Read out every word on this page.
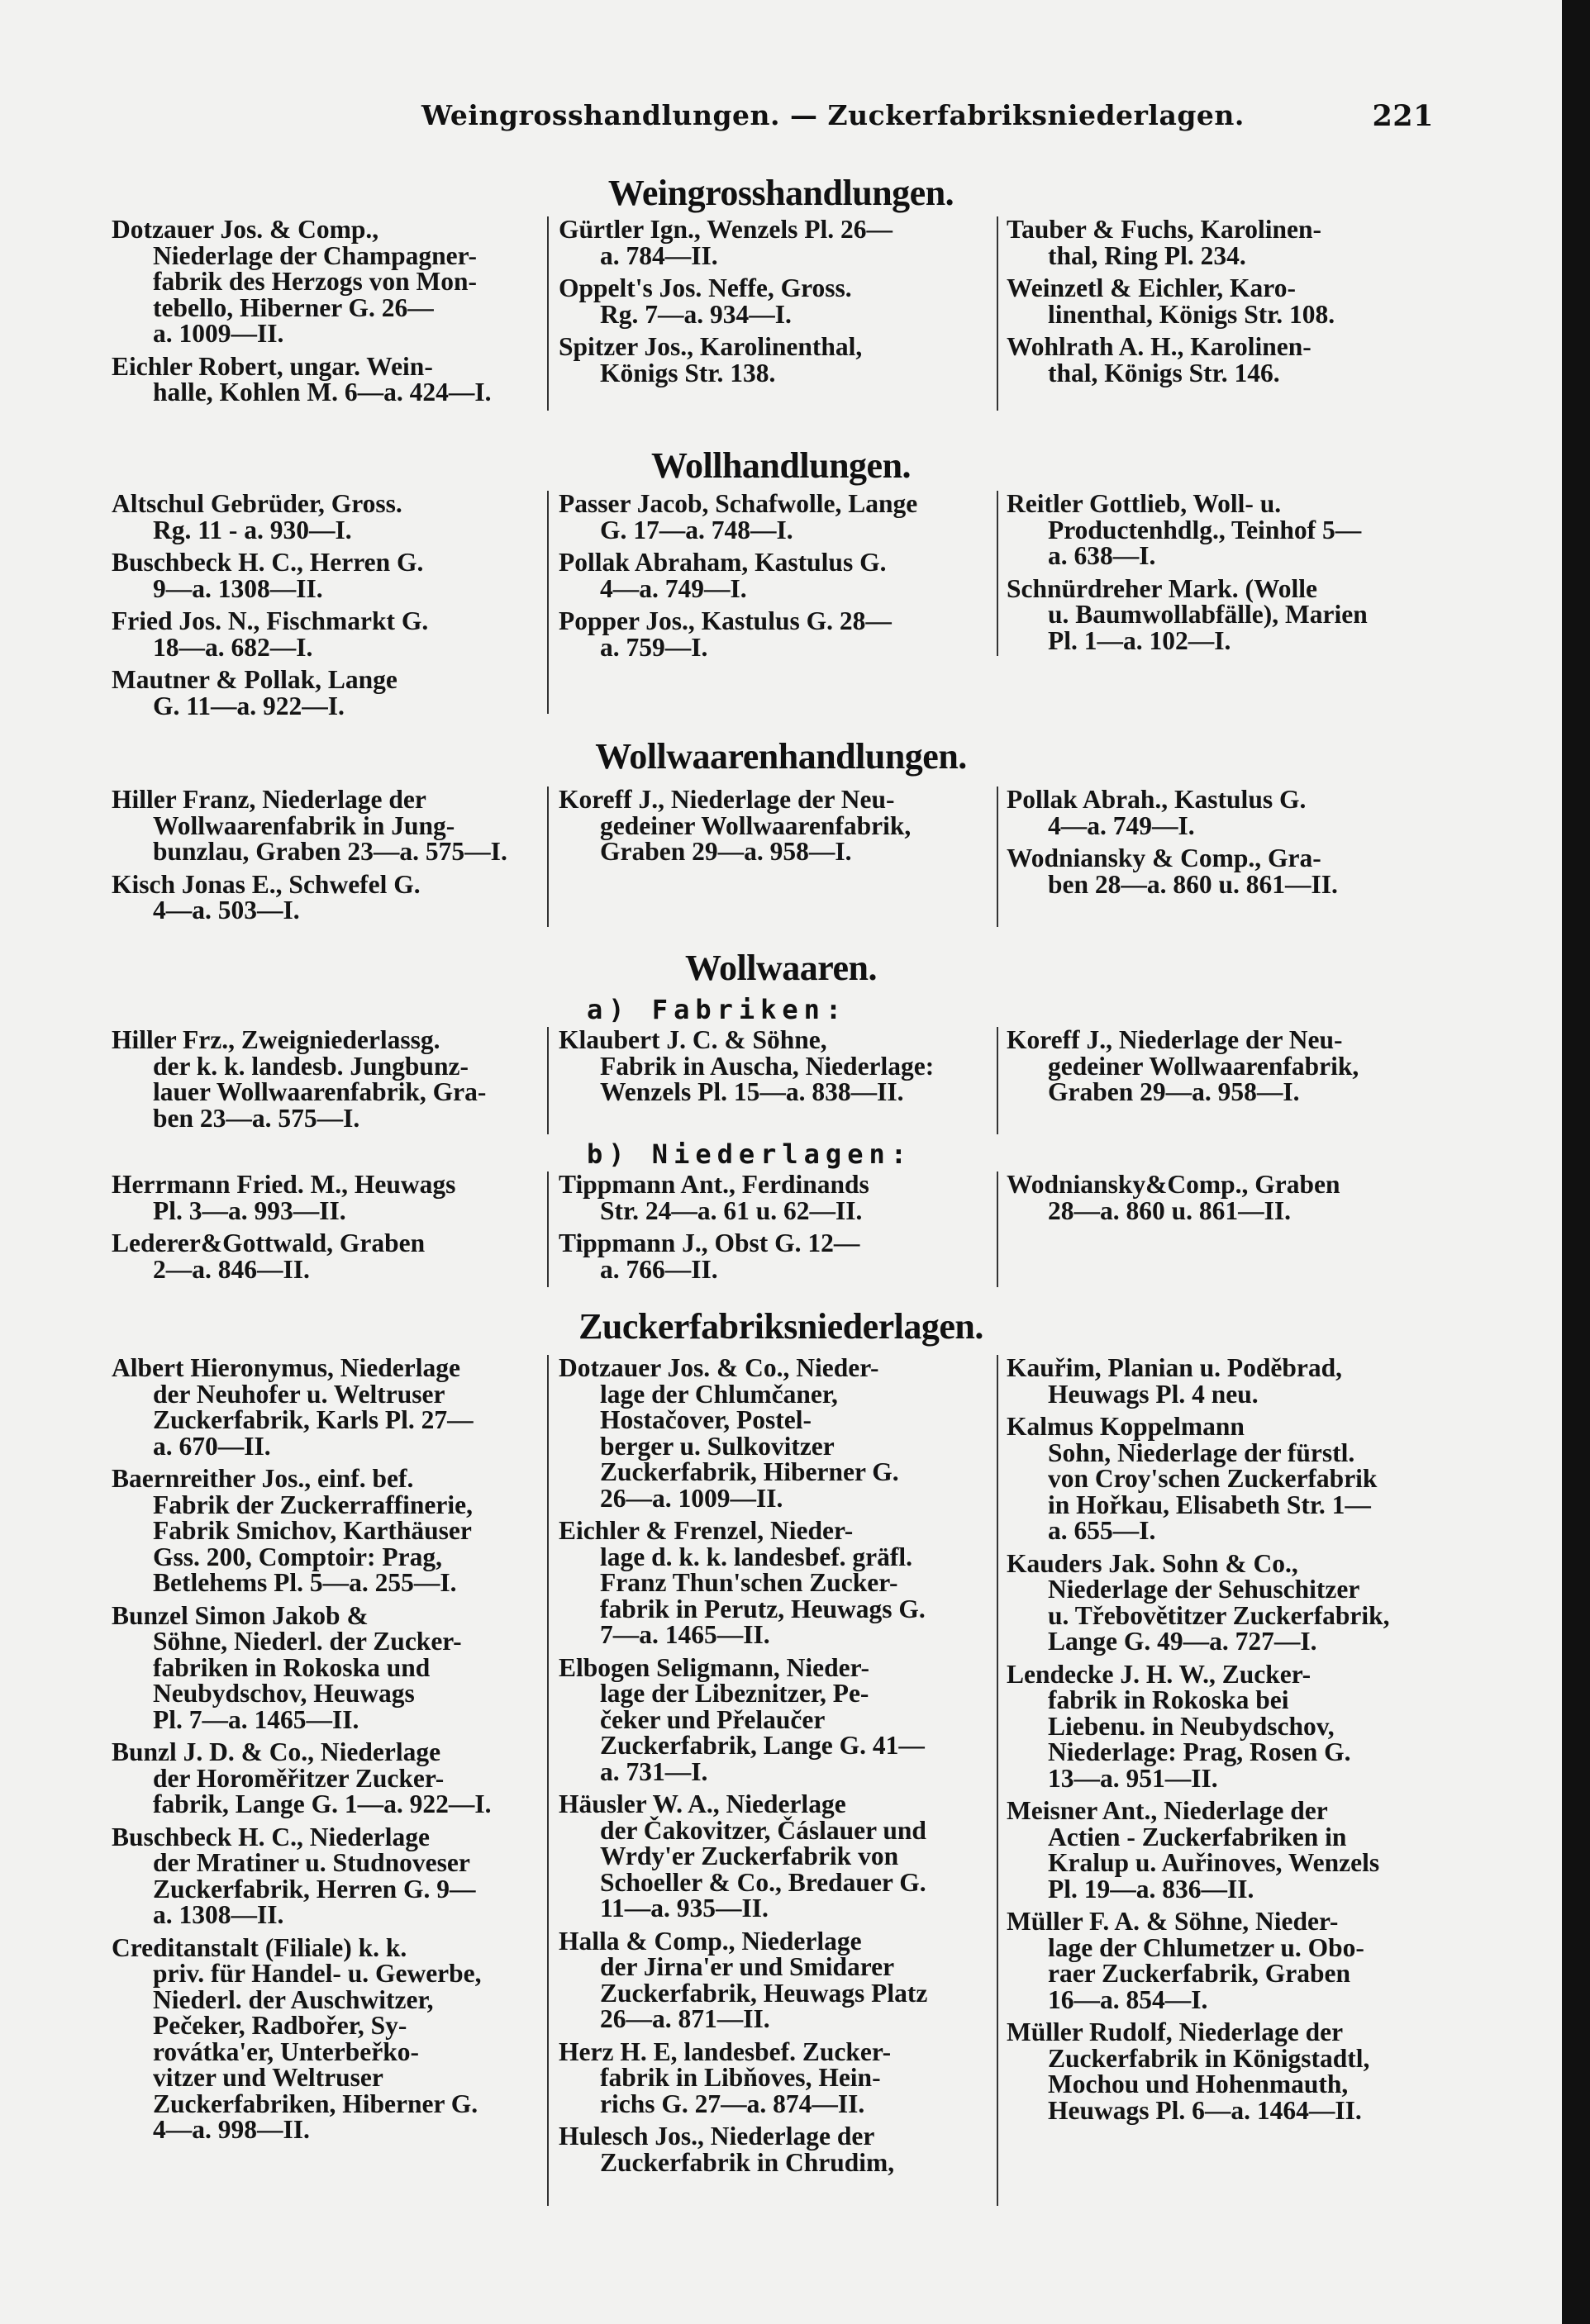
Weingrosshandlungen. — Zuckerfabriksniederlagen.	221
Weingrosshandlungen.
Dotzauer Jos. & Comp.,
Niederlage der Champagner-
fabrik des Herzogs von Mon-
tebello, Hiberner G. 26—
a. 1009—II.
Eichler Robert, ungar. Wein-
halle, Kohlen M. 6—a. 424—I.
Gürtler Ign., Wenzels Pl. 26—
a. 784—II.
Oppelt's Jos. Neffe, Gross.
Rg. 7—a. 934—I.
Spitzer Jos., Karolinenthal,
Königs Str. 138.
Tauber & Fuchs, Karolinen-
thal, Ring Pl. 234.
Weinzetl & Eichler, Karo-
linenthal, Königs Str. 108.
Wohlrath A. H., Karolinen-
thal, Königs Str. 146.
Wollhandlungen.
Altschul Gebrüder, Gross.
Rg. 11 - a. 930—I.
Buschbeck H. C., Herren G.
9—a. 1308—II.
Fried Jos. N., Fischmarkt G.
18—a. 682—I.
Mautner & Pollak, Lange
G. 11—a. 922—I.
Passer Jacob, Schafwolle, Lange
G. 17—a. 748—I.
Pollak Abraham, Kastulus G.
4—a. 749—I.
Popper Jos., Kastulus G. 28—
a. 759—I.
Reitler Gottlieb, Woll- u.
Productenhdlg., Teinhof 5—
a. 638—I.
Schnürdreher Mark. (Wolle
u. Baumwollabfälle), Marien
Pl. 1—a. 102—I.
Wollwaarenhandlungen.
Hiller Franz, Niederlage der
Wollwaarenfabrik in Jung-
bunzlau, Graben 23—a. 575—I.
Kisch Jonas E., Schwefel G.
4—a. 503—I.
Koreff J., Niederlage der Neu-
gedeiner Wollwaarenfabrik,
Graben 29—a. 958—I.
Pollak Abrah., Kastulus G.
4—a. 749—I.
Wodniansky & Comp., Gra-
ben 28—a. 860 u. 861—II.
Wollwaaren.
a) Fabriken:
Hiller Frz., Zweigniederlassg.
der k. k. landesb. Jungbunz-
lauer Wollwaarenfabrik, Gra-
ben 23—a. 575—I.
Klaubert J. C. & Söhne,
Fabrik in Auscha, Niederlage:
Wenzels Pl. 15—a. 838—II.
Koreff J., Niederlage der Neu-
gedeiner Wollwaarenfabrik,
Graben 29—a. 958—I.
b) Niederlagen:
Herrmann Fried. M., Heuwags
Pl. 3—a. 993—II.
Lederer&Gottwald, Graben
2—a. 846—II.
Tippmann Ant., Ferdinands
Str. 24—a. 61 u. 62—II.
Tippmann J., Obst G. 12—
a. 766—II.
Wodniansky&Comp., Graben
28—a. 860 u. 861—II.
Zuckerfabriksniederlagen.
Albert Hieronymus, Niederlage
der Neuhofer u. Weltruser
Zuckerfabrik, Karls Pl. 27—
a. 670—II.
Baernreither Jos., einf. bef.
Fabrik der Zuckerraffinerie,
Fabrik Smichov, Karthäuser
Gss. 200, Comptoir: Prag,
Betlehems Pl. 5—a. 255—I.
Bunzel Simon Jakob &
Söhne, Niederl. der Zucker-
fabriken in Rokoska und
Neubydschov, Heuwags
Pl. 7—a. 1465—II.
Bunzl J. D. & Co., Niederlage
der Horoměřitzer Zucker-
fabrik, Lange G. 1—a. 922—I.
Buschbeck H. C., Niederlage
der Mratiner u. Studnoveser
Zuckerfabrik, Herren G. 9—
a. 1308—II.
Creditanstalt (Filiale) k. k.
priv. für Handel- u. Gewerbe,
Niederl. der Auschwitzer,
Pečeker, Radbořer, Sy-
rovátka'er, Unterbeřko-
vitzer und Weltruser
Zuckerfabriken, Hiberner G.
4—a. 998—II.
Dotzauer Jos. & Co., Nieder-
lage der Chlumčaner,
Hostačover, Postel-
berger u. Sulkovitzer
Zuckerfabrik, Hiberner G.
26—a. 1009—II.
Eichler & Frenzel, Nieder-
lage d. k. k. landesbef. gräfl.
Franz Thun'schen Zucker-
fabrik in Perutz, Heuwags G.
7—a. 1465—II.
Elbogen Seligmann, Nieder-
lage der Libeznitzer, Pe-
čeker und Přelaučer
Zuckerfabrik, Lange G. 41—
a. 731—I.
Häusler W. A., Niederlage
der Čakovitzer, Čáslauer und
Wrdy'er Zuckerfabrik von
Schoeller & Co., Bredauer G.
11—a. 935—II.
Halla & Comp., Niederlage
der Jirna'er und Smidarer
Zuckerfabrik, Heuwags Platz
26—a. 871—II.
Herz H. E, landesbef. Zucker-
fabrik in Libňoves, Hein-
richs G. 27—a. 874—II.
Hulesch Jos., Niederlage der
Zuckerfabrik in Chrudim,
Kauřim, Planian u. Poděbrad,
Heuwags Pl. 4 neu.
Kalmus Koppelmann
Sohn, Niederlage der fürstl.
von Croy'schen Zuckerfabrik
in Hořkau, Elisabeth Str. 1—
a. 655—I.
Kauders Jak. Sohn & Co.,
Niederlage der Sehuschitzer
u. Třebovětitzer Zuckerfabrik,
Lange G. 49—a. 727—I.
Lendecke J. H. W., Zucker-
fabrik in Rokoska bei
Liebenu. in Neubydschov,
Niederlage: Prag, Rosen G.
13—a. 951—II.
Meisner Ant., Niederlage der
Actien - Zuckerfabriken in
Kralup u. Auřinoves, Wenzels
Pl. 19—a. 836—II.
Müller F. A. & Söhne, Nieder-
lage der Chlumetzer u. Obo-
raer Zuckerfabrik, Graben
16—a. 854—I.
Müller Rudolf, Niederlage der
Zuckerfabrik in Königstadtl,
Mochou und Hohenmauth,
Heuwags Pl. 6—a. 1464—II.
